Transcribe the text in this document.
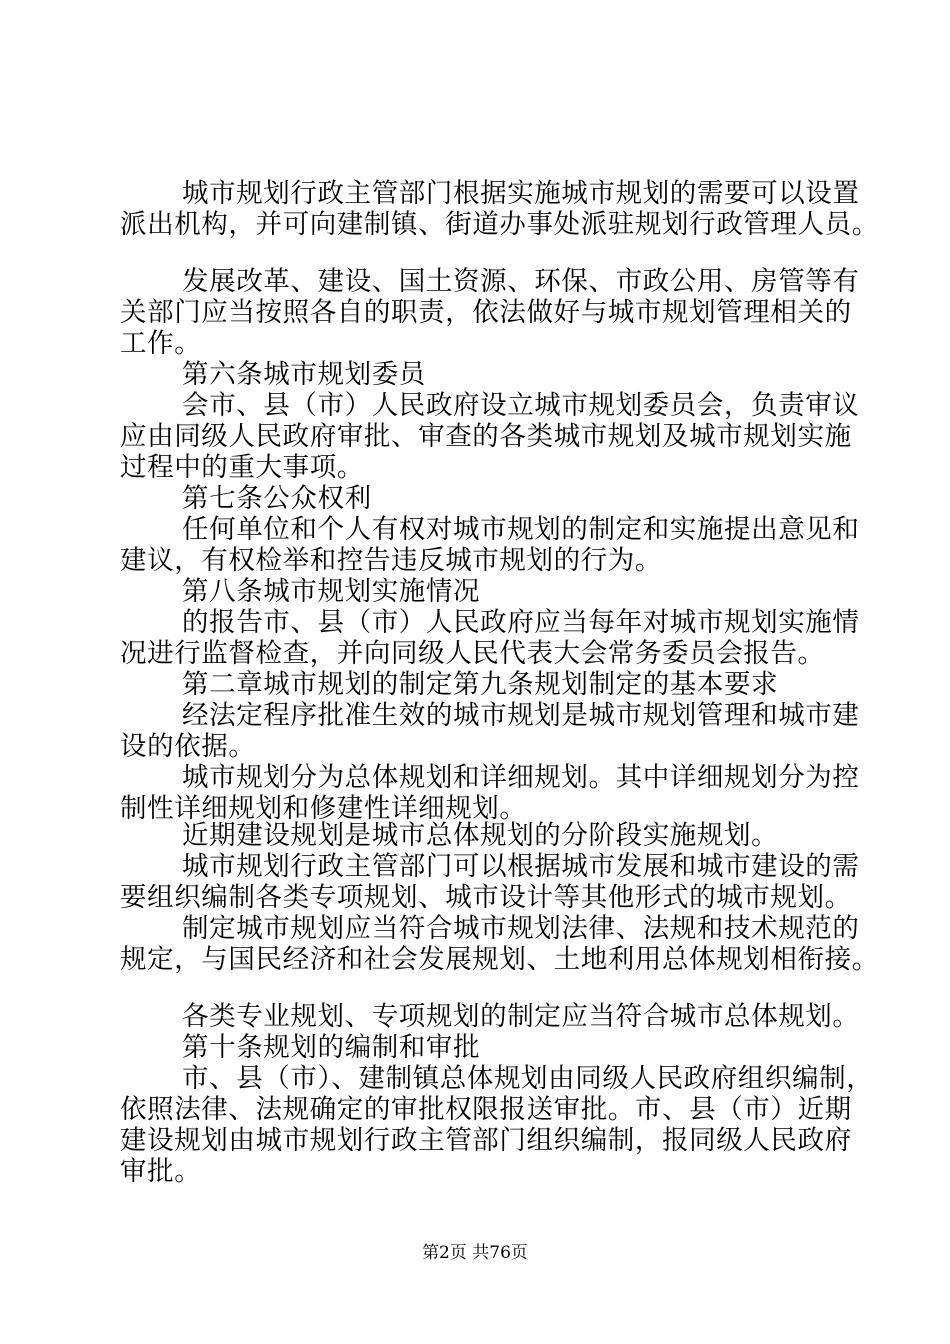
城市规划行政主管部门根据实施城市规划的需要可以设置
派出机构，并可向建制镇、街道办事处派驻规划行政管理人员。
发展改革、建设、国土资源、环保、市政公用、房管等有
关部门应当按照各自的职责，依法做好与城市规划管理相关的
工作。
第六条城市规划委员
会市、县（市）人民政府设立城市规划委员会，负责审议
应由同级人民政府审批、审查的各类城市规划及城市规划实施
过程中的重大事项。
第七条公众权利
任何单位和个人有权对城市规划的制定和实施提出意见和
建议，有权检举和控告违反城市规划的行为。
第八条城市规划实施情况
的报告市、县（市）人民政府应当每年对城市规划实施情
况进行监督检查，并向同级人民代表大会常务委员会报告。
第二章城市规划的制定第九条规划制定的基本要求
经法定程序批准生效的城市规划是城市规划管理和城市建
设的依据。
城市规划分为总体规划和详细规划。其中详细规划分为控
制性详细规划和修建性详细规划。
近期建设规划是城市总体规划的分阶段实施规划。
城市规划行政主管部门可以根据城市发展和城市建设的需
要组织编制各类专项规划、城市设计等其他形式的城市规划。
制定城市规划应当符合城市规划法律、法规和技术规范的
规定，与国民经济和社会发展规划、土地利用总体规划相衔接。
各类专业规划、专项规划的制定应当符合城市总体规划。
第十条规划的编制和审批
市、县（市）、建制镇总体规划由同级人民政府组织编制，
依照法律、法规确定的审批权限报送审批。市、县（市）近期
建设规划由城市规划行政主管部门组织编制，报同级人民政府
审批。
第2页 共76页
